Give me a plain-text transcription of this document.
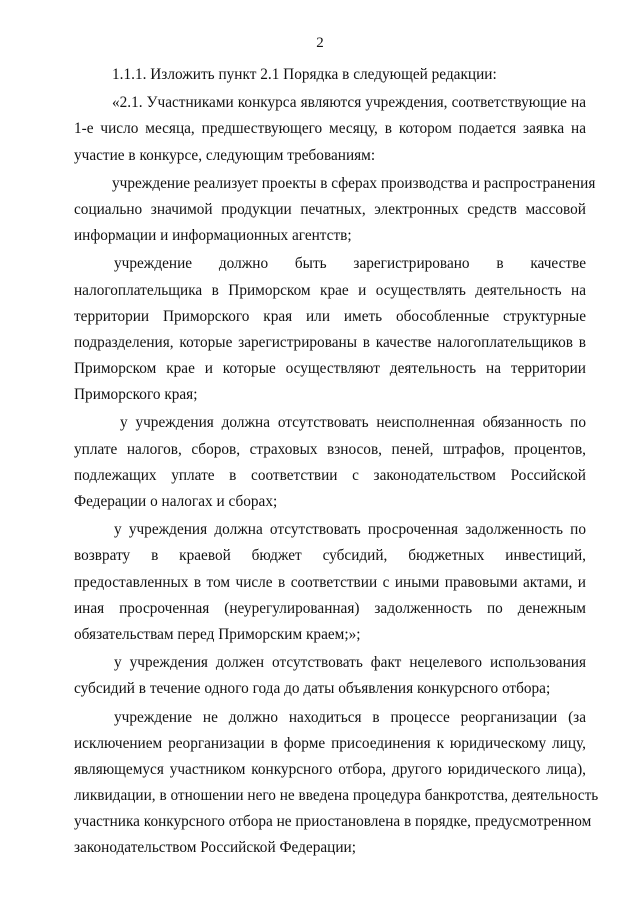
2
1.1.1. Изложить пункт 2.1 Порядка в следующей редакции:
«2.1. Участниками конкурса являются учреждения, соответствующие на
1-е число месяца, предшествующего месяцу, в котором подается заявка на
участие в конкурсе, следующим требованиям:
учреждение реализует проекты в сферах производства и распространения
социально значимой продукции печатных, электронных средств массовой
информации и информационных агентств;
учреждение должно быть зарегистрировано в качестве
налогоплательщика в Приморском крае и осуществлять деятельность на
территории Приморского края или иметь обособленные структурные
подразделения, которые зарегистрированы в качестве налогоплательщиков в
Приморском крае и которые осуществляют деятельность на территории
Приморского края;
у учреждения должна отсутствовать неисполненная обязанность по
уплате налогов, сборов, страховых взносов, пеней, штрафов, процентов,
подлежащих уплате в соответствии с законодательством Российской
Федерации о налогах и сборах;
у учреждения должна отсутствовать просроченная задолженность по
возврату в краевой бюджет субсидий, бюджетных инвестиций,
предоставленных в том числе в соответствии с иными правовыми актами, и
иная просроченная (неурегулированная) задолженность по денежным
обязательствам перед Приморским краем;»;
у учреждения должен отсутствовать факт нецелевого использования
субсидий в течение одного года до даты объявления конкурсного отбора;
учреждение не должно находиться в процессе реорганизации (за
исключением реорганизации в форме присоединения к юридическому лицу,
являющемуся участником конкурсного отбора, другого юридического лица),
ликвидации, в отношении него не введена процедура банкротства, деятельность
участника конкурсного отбора не приостановлена в порядке, предусмотренном
законодательством Российской Федерации;
